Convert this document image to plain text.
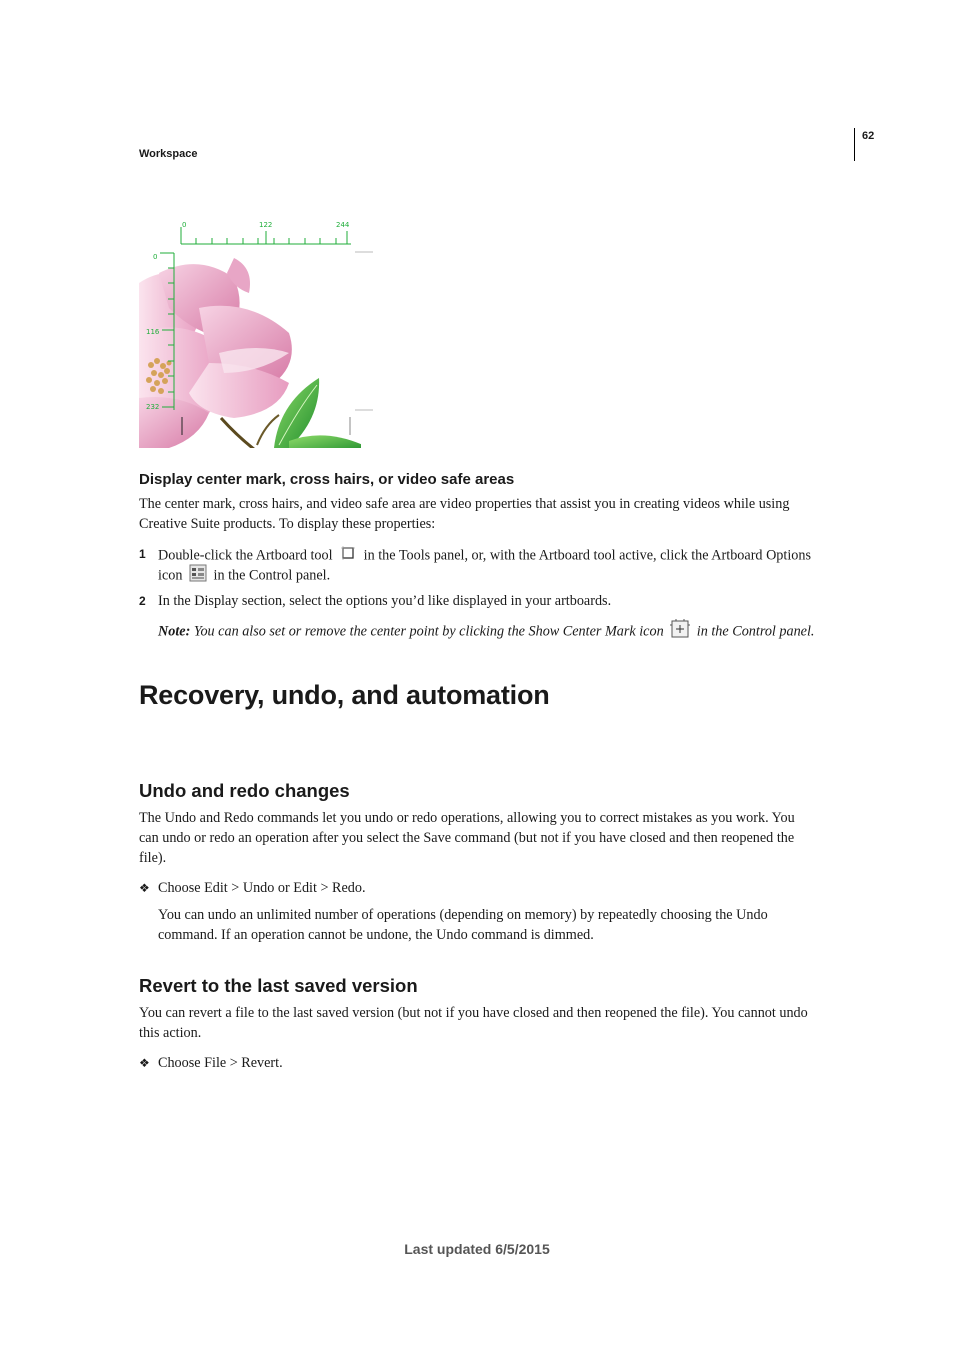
Workspace
62
0	122	244
0
116
232
Display center mark, cross hairs, or video safe areas
The center mark, cross hairs, and video safe area are video properties that assist you in creating videos while using
Creative Suite products. To display these properties:
1 Double-click the Artboard tool in the Tools panel, or, with the Artboard tool active, click the Artboard Options
icon in the Control panel.
2 In the Display section, select the options you’d like displayed in your artboards.
Note: You can also set or remove the center point by clicking the Show Center Mark icon in the Control panel.
Recovery, undo, and automation
Undo and redo changes
The Undo and Redo commands let you undo or redo operations, allowing you to correct mistakes as you work. You
can undo or redo an operation after you select the Save command (but not if you have closed and then reopened the
file).
❖ Choose Edit > Undo or Edit > Redo.
You can undo an unlimited number of operations (depending on memory) by repeatedly choosing the Undo
command. If an operation cannot be undone, the Undo command is dimmed.
Revert to the last saved version
You can revert a file to the last saved version (but not if you have closed and then reopened the file). You cannot undo
this action.
❖ Choose File > Revert.
Last updated 6/5/2015
